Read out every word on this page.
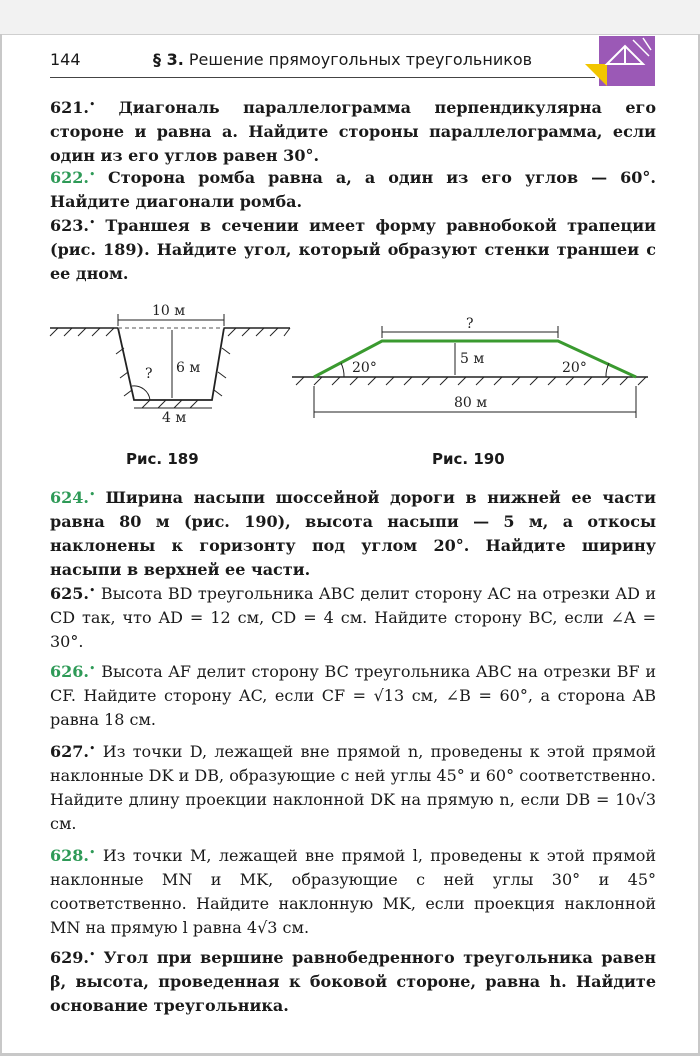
144	§ 3. Решение прямоугольных треугольников
621.• Диагональ параллелограмма перпендикулярна его стороне и равна a. Найдите стороны параллелограмма, если один из его углов равен 30°.
622.• Сторона ромба равна a, а один из его углов — 60°. Найдите диагонали ромба.
623.• Траншея в сечении имеет форму равнобокой трапеции (рис. 189). Найдите угол, который образуют стенки траншеи с ее дном.
10 м
6 м
4 м
?
?
5 м
20°	20°
80 м
Рис. 189	Рис. 190
624.• Ширина насыпи шоссейной дороги в нижней ее части равна 80 м (рис. 190), высота насыпи — 5 м, а откосы наклонены к горизонту под углом 20°. Найдите ширину насыпи в верхней ее части.
625.• Высота BD треугольника ABC делит сторону AC на отрезки AD и CD так, что AD = 12 см, CD = 4 см. Найдите сторону BC, если ∠A = 30°.
626.• Высота AF делит сторону BC треугольника ABC на отрезки BF и CF. Найдите сторону AC, если CF = √13 см, ∠B = 60°, а сторона AB равна 18 см.
627.• Из точки D, лежащей вне прямой n, проведены к этой прямой наклонные DK и DB, образующие с ней углы 45° и 60° соответственно. Найдите длину проекции наклонной DK на прямую n, если DB = 10√3 см.
628.• Из точки M, лежащей вне прямой l, проведены к этой прямой наклонные MN и MK, образующие с ней углы 30° и 45° соответственно. Найдите наклонную MK, если проекция наклонной MN на прямую l равна 4√3 см.
629.• Угол при вершине равнобедренного треугольника равен β, высота, проведенная к боковой стороне, равна h. Найдите основание треугольника.
